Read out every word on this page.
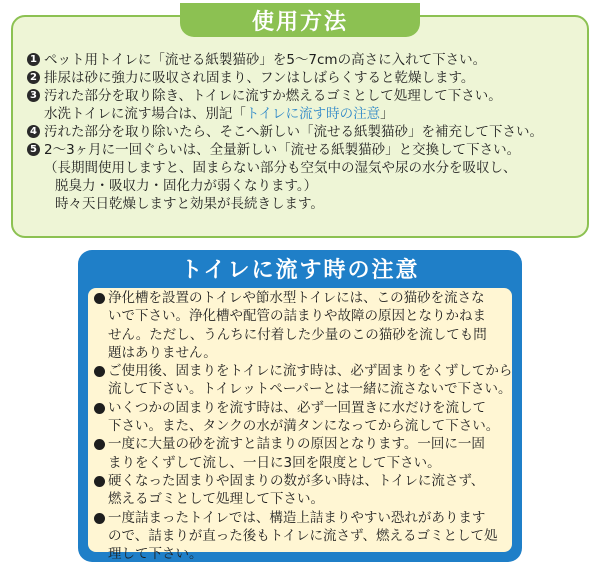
使用方法
1 ペット用トイレに「流せる紙製猫砂」を5～7cmの高さに入れて下さい。
2 排尿は砂に強力に吸収され固まり、フンはしばらくすると乾燥します。
3 汚れた部分を取り除き、トイレに流すか燃えるゴミとして処理して下さい。
水洗トイレに流す場合は、別記「トイレに流す時の注意」
4 汚れた部分を取り除いたら、そこへ新しい「流せる紙製猫砂」を補充して下さい。
5 2～3ヶ月に一回ぐらいは、全量新しい「流せる紙製猫砂」と交換して下さい。
（長期間使用しますと、固まらない部分も空気中の湿気や尿の水分を吸収し、
脱臭力・吸収力・固化力が弱くなります。）
時々天日乾燥しますと効果が長続きします。
トイレに流す時の注意
浄化槽を設置のトイレや節水型トイレには、この猫砂を流さな
いで下さい。浄化槽や配管の詰まりや故障の原因となりかねま
せん。ただし、うんちに付着した少量のこの猫砂を流しても問
題はありません。
ご使用後、固まりをトイレに流す時は、必ず固まりをくずしてから
流して下さい。トイレットペーパーとは一緒に流さないで下さい。
いくつかの固まりを流す時は、必ず一回置きに水だけを流して
下さい。また、タンクの水が満タンになってから流して下さい。
一度に大量の砂を流すと詰まりの原因となります。一回に一固
まりをくずして流し、一日に3回を限度として下さい。
硬くなった固まりや固まりの数が多い時は、トイレに流さず、
燃えるゴミとして処理して下さい。
一度詰まったトイレでは、構造上詰まりやすい恐れがあります
ので、詰まりが直った後もトイレに流さず、燃えるゴミとして処
理して下さい。
